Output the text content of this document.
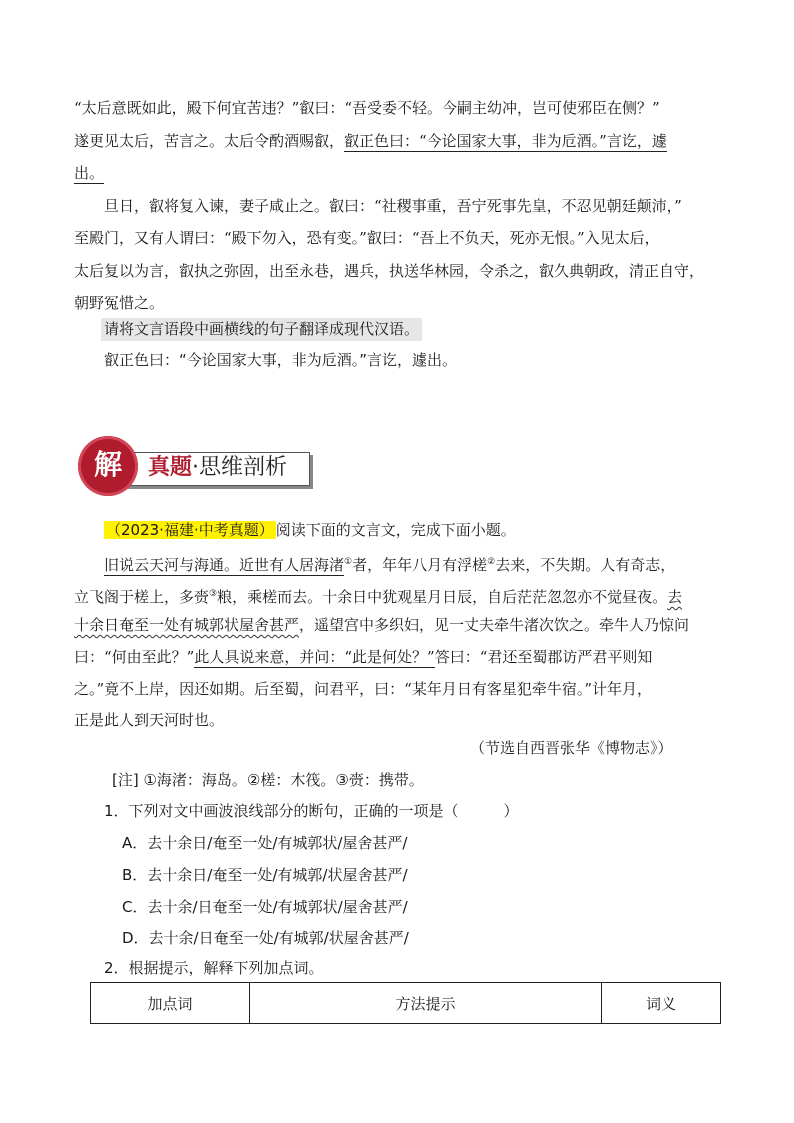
“太后意既如此，殿下何宜苦违？”叡曰：“吾受委不轻。今嗣主幼冲，岂可使邪臣在侧？”
遂更见太后，苦言之。太后令酌酒赐叡，叡正色曰：“今论国家大事，非为卮酒。”言讫，遽
出。
旦日，叡将复入谏，妻子咸止之。叡曰：“社稷事重，吾宁死事先皇，不忍见朝廷颠沛，”
至殿门，又有人谓曰：“殿下勿入，恐有变。”叡曰：“吾上不负天，死亦无恨。”入见太后，
太后复以为言，叡执之弥固，出至永巷，遇兵，执送华林园，令杀之，叡久典朝政，清正自守，
朝野冤惜之。
请将文言语段中画横线的句子翻译成现代汉语。
叡正色曰：“今论国家大事，非为卮酒。”言讫，遽出。
解	真题·思维剖析
（2023·福建·中考真题） 阅读下面的文言文，完成下面小题。
旧说云天河与海通。近世有人居海渚①者，年年八月有浮槎②去来，不失期。人有奇志，
立飞阁于槎上，多赍③粮，乘槎而去。十余日中犹观星月日辰，自后茫茫忽忽亦不觉昼夜。去
十余日奄至一处有城郭状屋舍甚严，遥望宫中多织妇，见一丈夫牵牛渚次饮之。牵牛人乃惊问
曰：“何由至此？”此人具说来意，并问：“此是何处？”答曰：“君还至蜀郡访严君平则知
之。”竟不上岸，因还如期。后至蜀，问君平，曰：“某年月日有客星犯牵牛宿。”计年月，
正是此人到天河时也。
（节选自西晋张华《博物志》）
[注] ①海渚：海岛。②槎：木筏。③赍：携带。
1．下列对文中画波浪线部分的断句，正确的一项是（　　　）
A．去十余日/奄至一处/有城郭状/屋舍甚严/
B．去十余日/奄至一处/有城郭/状屋舍甚严/
C．去十余/日奄至一处/有城郭状/屋舍甚严/
D．去十余/日奄至一处/有城郭/状屋舍甚严/
2．根据提示，解释下列加点词。
加点词	方法提示	词义
